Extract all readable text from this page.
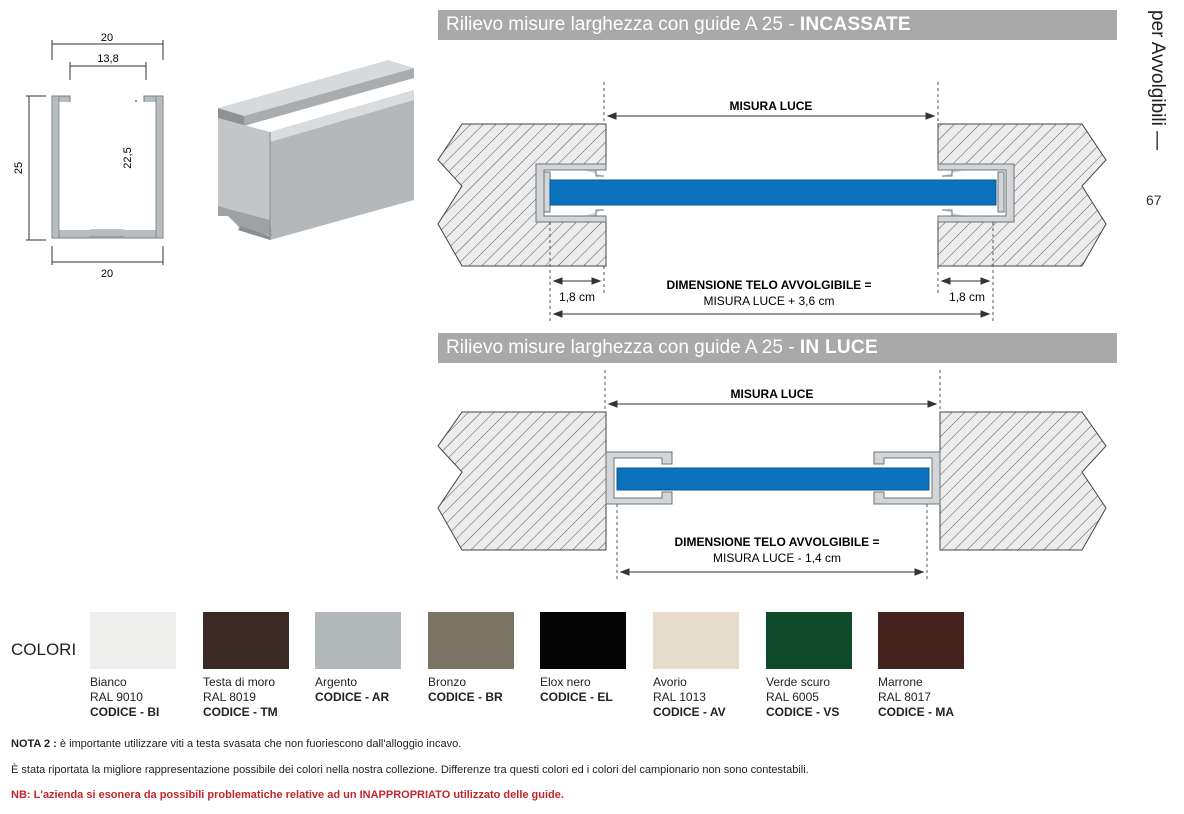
20
13,8
25	22,5
20
Rilievo misure larghezza con guide A 25 - INCASSATE
MISURA LUCE
1,8 cm	1,8 cm
DIMENSIONE TELO AVVOLGIBILE =
MISURA LUCE + 3,6 cm
Rilievo misure larghezza con guide A 25 - IN LUCE
MISURA LUCE
DIMENSIONE TELO AVVOLGIBILE =
MISURA LUCE - 1,4 cm
per Avvolgibili —
67
COLORI
Bianco
RAL 9010
CODICE - BI
Testa di moro
RAL 8019
CODICE - TM
Argento
CODICE - AR
Bronzo
CODICE - BR
Elox nero
CODICE - EL
Avorio
RAL 1013
CODICE - AV
Verde scuro
RAL 6005
CODICE - VS
Marrone
RAL 8017
CODICE - MA
NOTA 2 : è importante utilizzare viti a testa svasata che non fuoriescono dall'alloggio incavo.
È stata riportata la migliore rappresentazione possibile dei colori nella nostra collezione. Differenze tra questi colori ed i colori del campionario non sono contestabili.
NB: L'azienda si esonera da possibili problematiche relative ad un INAPPROPRIATO utilizzato delle guide.
